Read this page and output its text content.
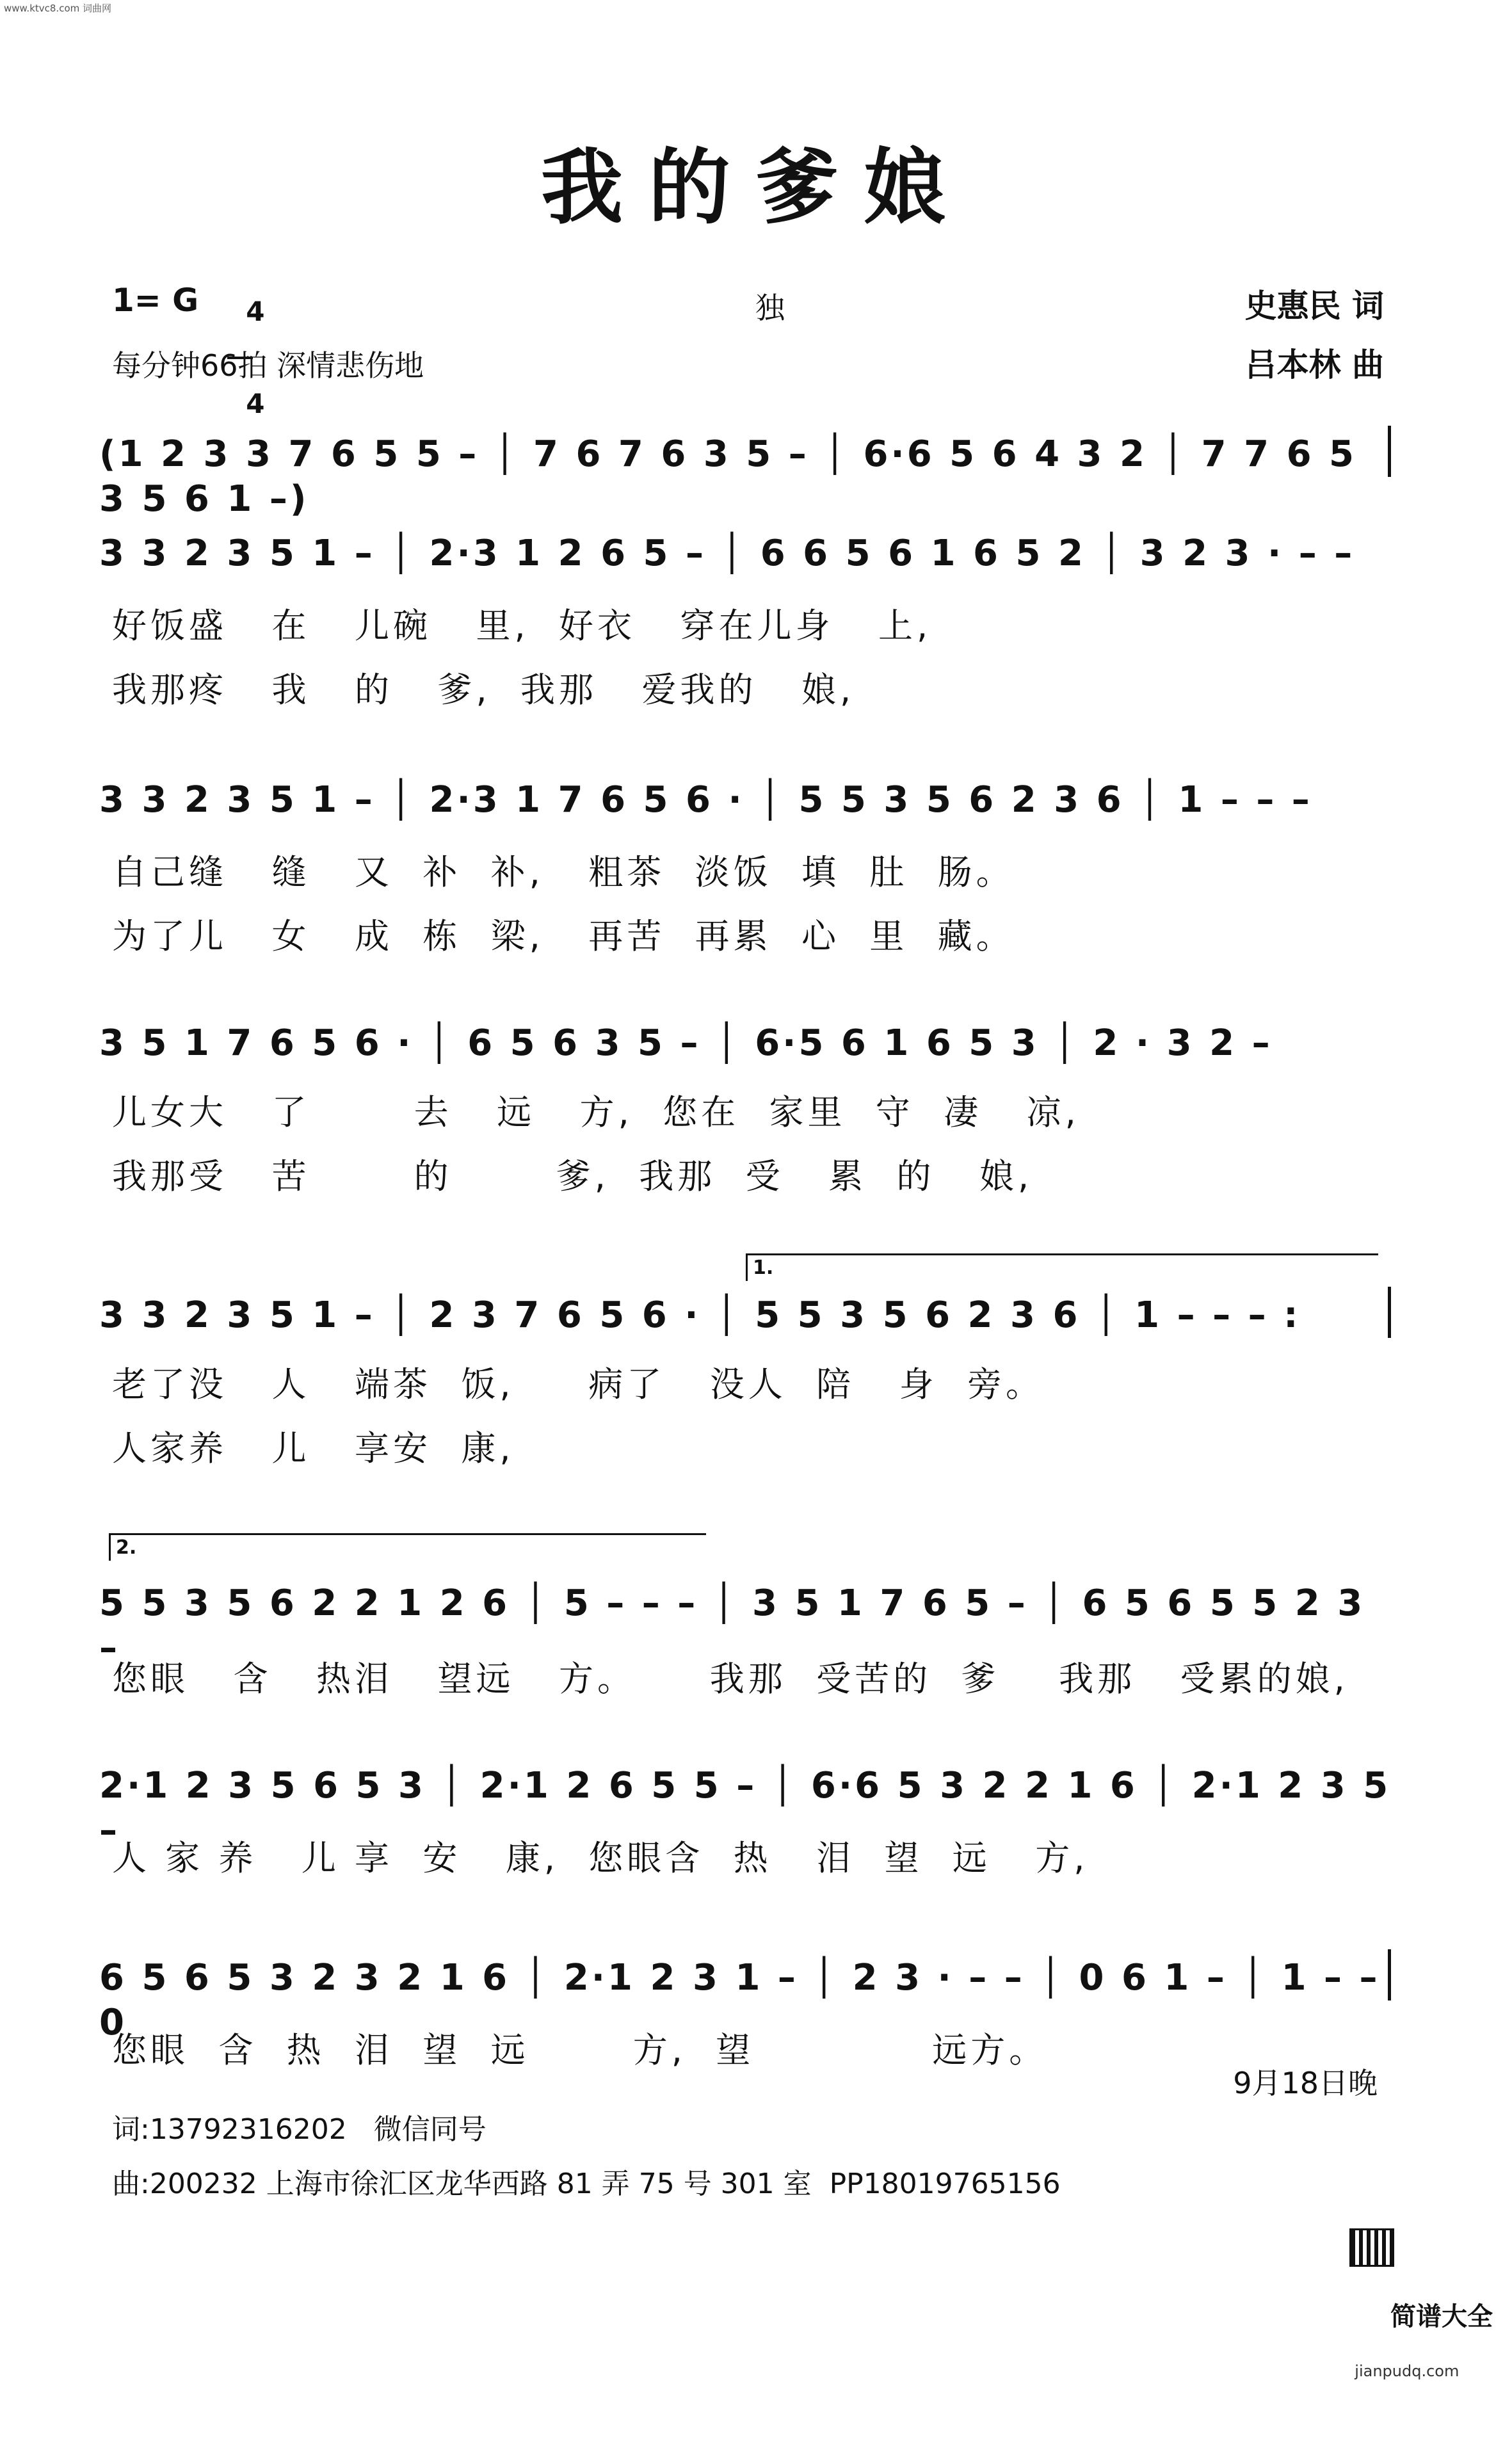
www.ktvc8.com 词曲网
我的爹娘
1= G	4

4

独	史惠民 词
每分钟66拍 深情悲伤地	吕本林 曲
(1 2 3 3 7 6 5 5 – │ 7 6 7 6 3 5 – │ 6·6 5 6 4 3 2 │ 7 7 6 5 3 5 6 1 –)
3 3 2 3 5 1 – │ 2·3 1 2 6 5 – │ 6 6 5 6 1 6 5 2 │ 3 2 3 · – –
好饭盛   在   儿碗   里,  好衣   穿在儿身   上,
我那疼   我   的   爹,  我那   爱我的   娘,
3 3 2 3 5 1 – │ 2·3 1 7 6 5 6 · │ 5 5 3 5 6 2 3 6 │ 1 – – –
自己缝   缝   又  补  补,   粗茶  淡饭  填  肚  肠。
为了儿   女   成  栋  梁,   再苦  再累  心  里  藏。
3 5 1 7 6 5 6 · │ 6 5 6 3 5 – │ 6·5 6 1 6 5 3 │ 2 · 3 2 –
儿女大   了       去   远   方,  您在  家里  守  凄   凉,
我那受   苦       的       爹,  我那  受   累  的   娘,
1.
3 3 2 3 5 1 – │ 2 3 7 6 5 6 · │ 5 5 3 5 6 2 3 6 │ 1 – – – :
老了没   人   端茶  饭,     病了   没人  陪   身  旁。
人家养   儿   享安  康,
2.
5 5 3 5 6 2 2 1 2 6 │ 5 – – – │ 3 5 1 7 6 5 – │ 6 5 6 5 5 2 3 –
您眼   含   热泪   望远   方。     我那  受苦的  爹    我那   受累的娘,
2·1 2 3 5 6 5 3 │ 2·1 2 6 5 5 – │ 6·6 5 3 2 2 1 6 │ 2·1 2 3 5 –
人 家 养   儿 享  安   康,  您眼含  热   泪  望  远   方,
6 5 6 5 3 2 3 2 1 6 │ 2·1 2 3 1 – │ 2 3 · – – │ 0 6 1 – │ 1 – – 0
您眼  含  热  泪  望  远       方,  望            远方。
9月18日晚
词:13792316202   微信同号
曲:200232 上海市徐汇区龙华西路 81 弄 75 号 301 室  PP18019765156

简谱大全

jianpudq.com
